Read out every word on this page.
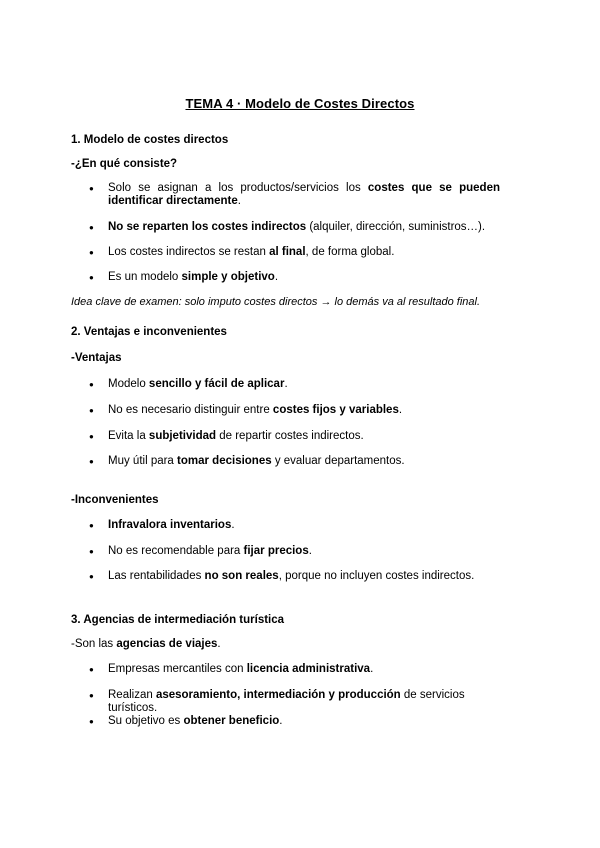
TEMA 4 · Modelo de Costes Directos
1. Modelo de costes directos
-¿En qué consiste?
● Solo se asignan a los productos/servicios los costes que se pueden identificar directamente.
● No se reparten los costes indirectos (alquiler, dirección, suministros…).
● Los costes indirectos se restan al final, de forma global.
● Es un modelo simple y objetivo.
Idea clave de examen: solo imputo costes directos → lo demás va al resultado final.
2. Ventajas e inconvenientes
-Ventajas
● Modelo sencillo y fácil de aplicar.
● No es necesario distinguir entre costes fijos y variables.
● Evita la subjetividad de repartir costes indirectos.
● Muy útil para tomar decisiones y evaluar departamentos.
-Inconvenientes
● Infravalora inventarios.
● No es recomendable para fijar precios.
● Las rentabilidades no son reales, porque no incluyen costes indirectos.
3. Agencias de intermediación turística
-Son las agencias de viajes.
● Empresas mercantiles con licencia administrativa.
● Realizan asesoramiento, intermediación y producción de servicios turísticos.
● Su objetivo es obtener beneficio.
